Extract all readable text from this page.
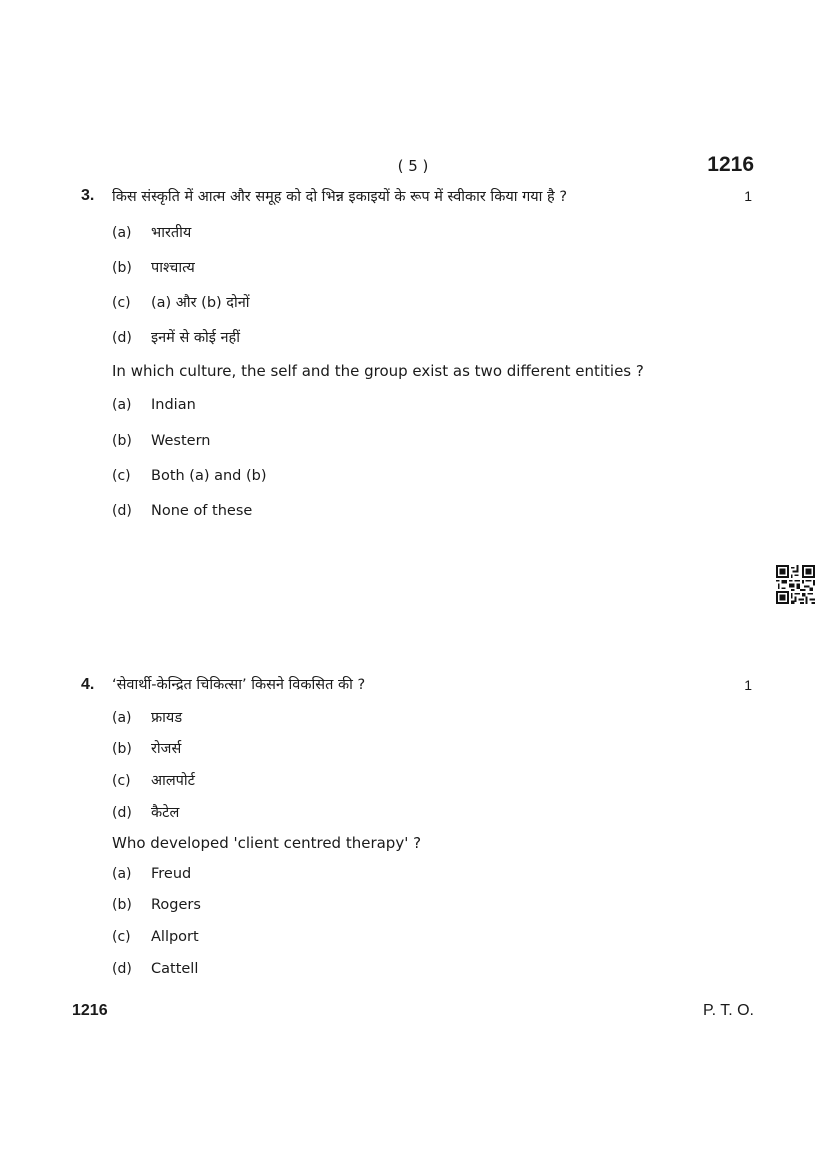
( 5 )	1216
3. किस संस्कृति में आत्म और समूह को दो भिन्न इकाइयों के रूप में स्वीकार किया गया है ?	1
(a) भारतीय
(b) पाश्चात्य
(c) (a) और (b) दोनों
(d) इनमें से कोई नहीं
In which culture, the self and the group exist as two different entities ?
(a) Indian
(b) Western
(c) Both (a) and (b)
(d) None of these
4. ‘सेवार्थी-केन्द्रित चिकित्सा’ किसने विकसित की ?	1
(a) फ्रायड
(b) रोजर्स
(c) आलपोर्ट
(d) कैटेल
Who developed 'client centred therapy' ?
(a) Freud
(b) Rogers
(c) Allport
(d) Cattell
1216	P. T. O.
